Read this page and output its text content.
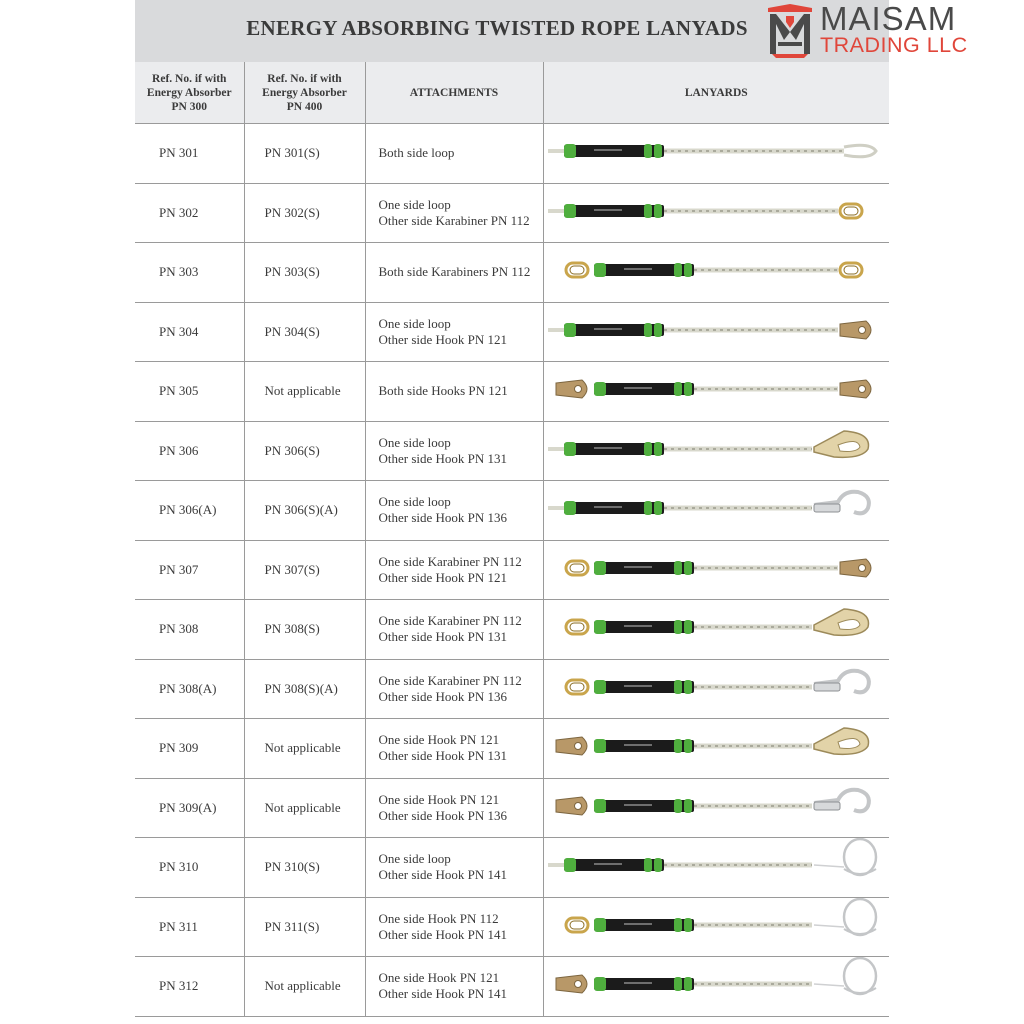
ENERGY ABSORBING TWISTED ROPE LANYADS
Ref. No. if with
Energy Absorber
PN 300	Ref. No. if with
Energy Absorber
PN 400	ATTACHMENTS	LANYARDS
PN 301	PN 301(S)	Both side loop

PN 302	PN 302(S)	One side loop
Other side Karabiner PN 112

PN 303	PN 303(S)	Both side Karabiners PN 112

PN 304	PN 304(S)	One side loop
Other side Hook PN 121

PN 305	Not applicable	Both side Hooks PN 121

PN 306	PN 306(S)	One side loop
Other side Hook PN 131

PN 306(A)	PN 306(S)(A)	One side loop
Other side Hook PN 136

PN 307	PN 307(S)	One side Karabiner PN 112
Other side Hook PN 121

PN 308	PN 308(S)	One side Karabiner PN 112
Other side Hook PN 131

PN 308(A)	PN 308(S)(A)	One side Karabiner PN 112
Other side Hook PN 136

PN 309	Not applicable	One side Hook PN 121
Other side Hook PN 131

PN 309(A)	Not applicable	One side Hook PN 121
Other side Hook PN 136

PN 310	PN 310(S)	One side loop
Other side Hook PN 141

PN 311	PN 311(S)	One side Hook PN 112
Other side Hook PN 141

PN 312	Not applicable	One side Hook PN 121
Other side Hook PN 141

MAISAM
TRADING LLC
